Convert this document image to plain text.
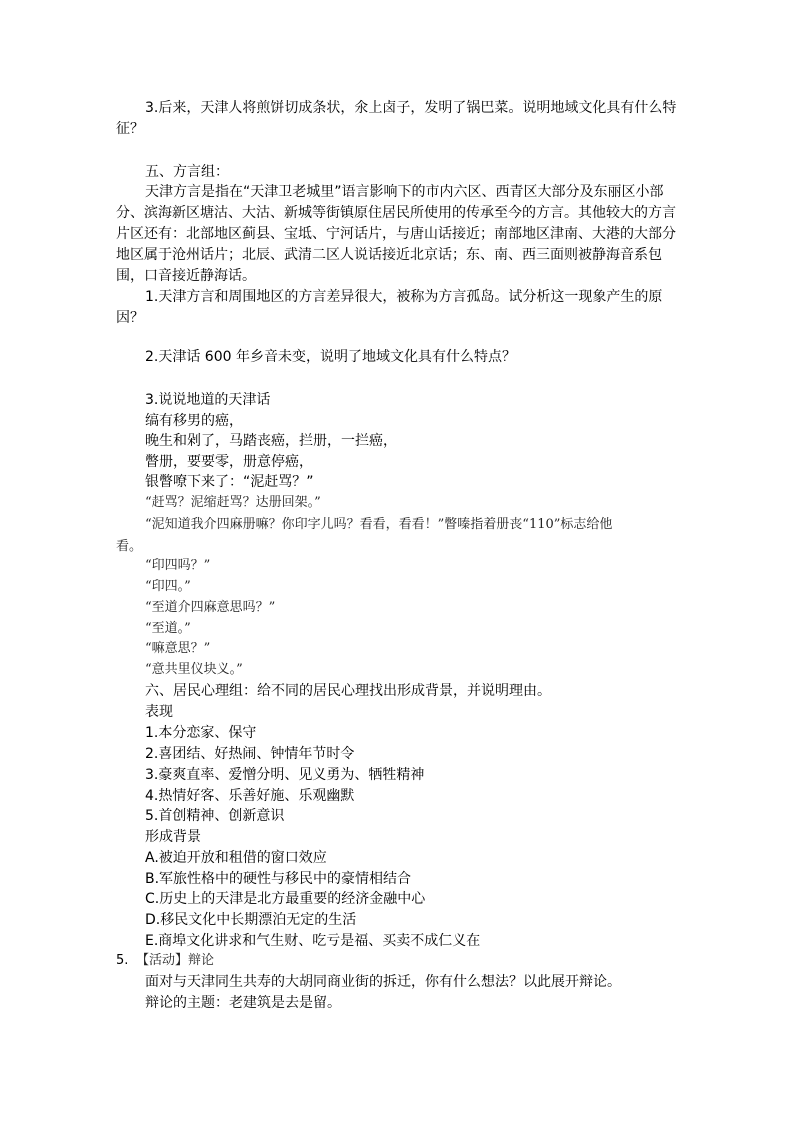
3.后来，天津人将煎饼切成条状，氽上卤子，发明了锅巴菜。说明地域文化具有什么特
征？
五、方言组：
天津方言是指在“天津卫老城里”语言影响下的市内六区、西青区大部分及东丽区小部
分、滨海新区塘沽、大沽、新城等街镇原住居民所使用的传承至今的方言。其他较大的方言
片区还有：北部地区蓟县、宝坻、宁河话片，与唐山话接近；南部地区津南、大港的大部分
地区属于沧州话片；北辰、武清二区人说话接近北京话；东、南、西三面则被静海音系包
围，口音接近静海话。
1.天津方言和周围地区的方言差异很大，被称为方言孤岛。试分析这一现象产生的原
因？
2.天津话 600 年乡音未变，说明了地域文化具有什么特点？
3.说说地道的天津话
缟有移男的癌，
晚生和剁了，马踏丧癌，拦册，一拦癌，
瞥册，要要零，册意停癌，
银瞥嘹下来了：“泥赶骂？”
“赶骂？泥缩赶骂？达册回架。”
“泥知道我介四麻册嘛？你印字儿吗？看看，看看！”瞥嗪指着册丧“110”标志给他
看。
“印四吗？”
“印四。”
“至道介四麻意思吗？”
“至道。”
“嘛意思？”
“意共里仪块义。”
六、居民心理组：给不同的居民心理找出形成背景，并说明理由。
表现
1.本分恋家、保守
2.喜团结、好热闹、钟情年节时令
3.豪爽直率、爱憎分明、见义勇为、牺牲精神
4.热情好客、乐善好施、乐观幽默
5.首创精神、创新意识
形成背景
A.被迫开放和租借的窗口效应
B.军旅性格中的硬性与移民中的豪情相结合
C.历史上的天津是北方最重要的经济金融中心
D.移民文化中长期漂泊无定的生活
E.商埠文化讲求和气生财、吃亏是福、买卖不成仁义在
5. 【活动】辩论
面对与天津同生共寿的大胡同商业街的拆迁，你有什么想法？以此展开辩论。
辩论的主题：老建筑是去是留。
